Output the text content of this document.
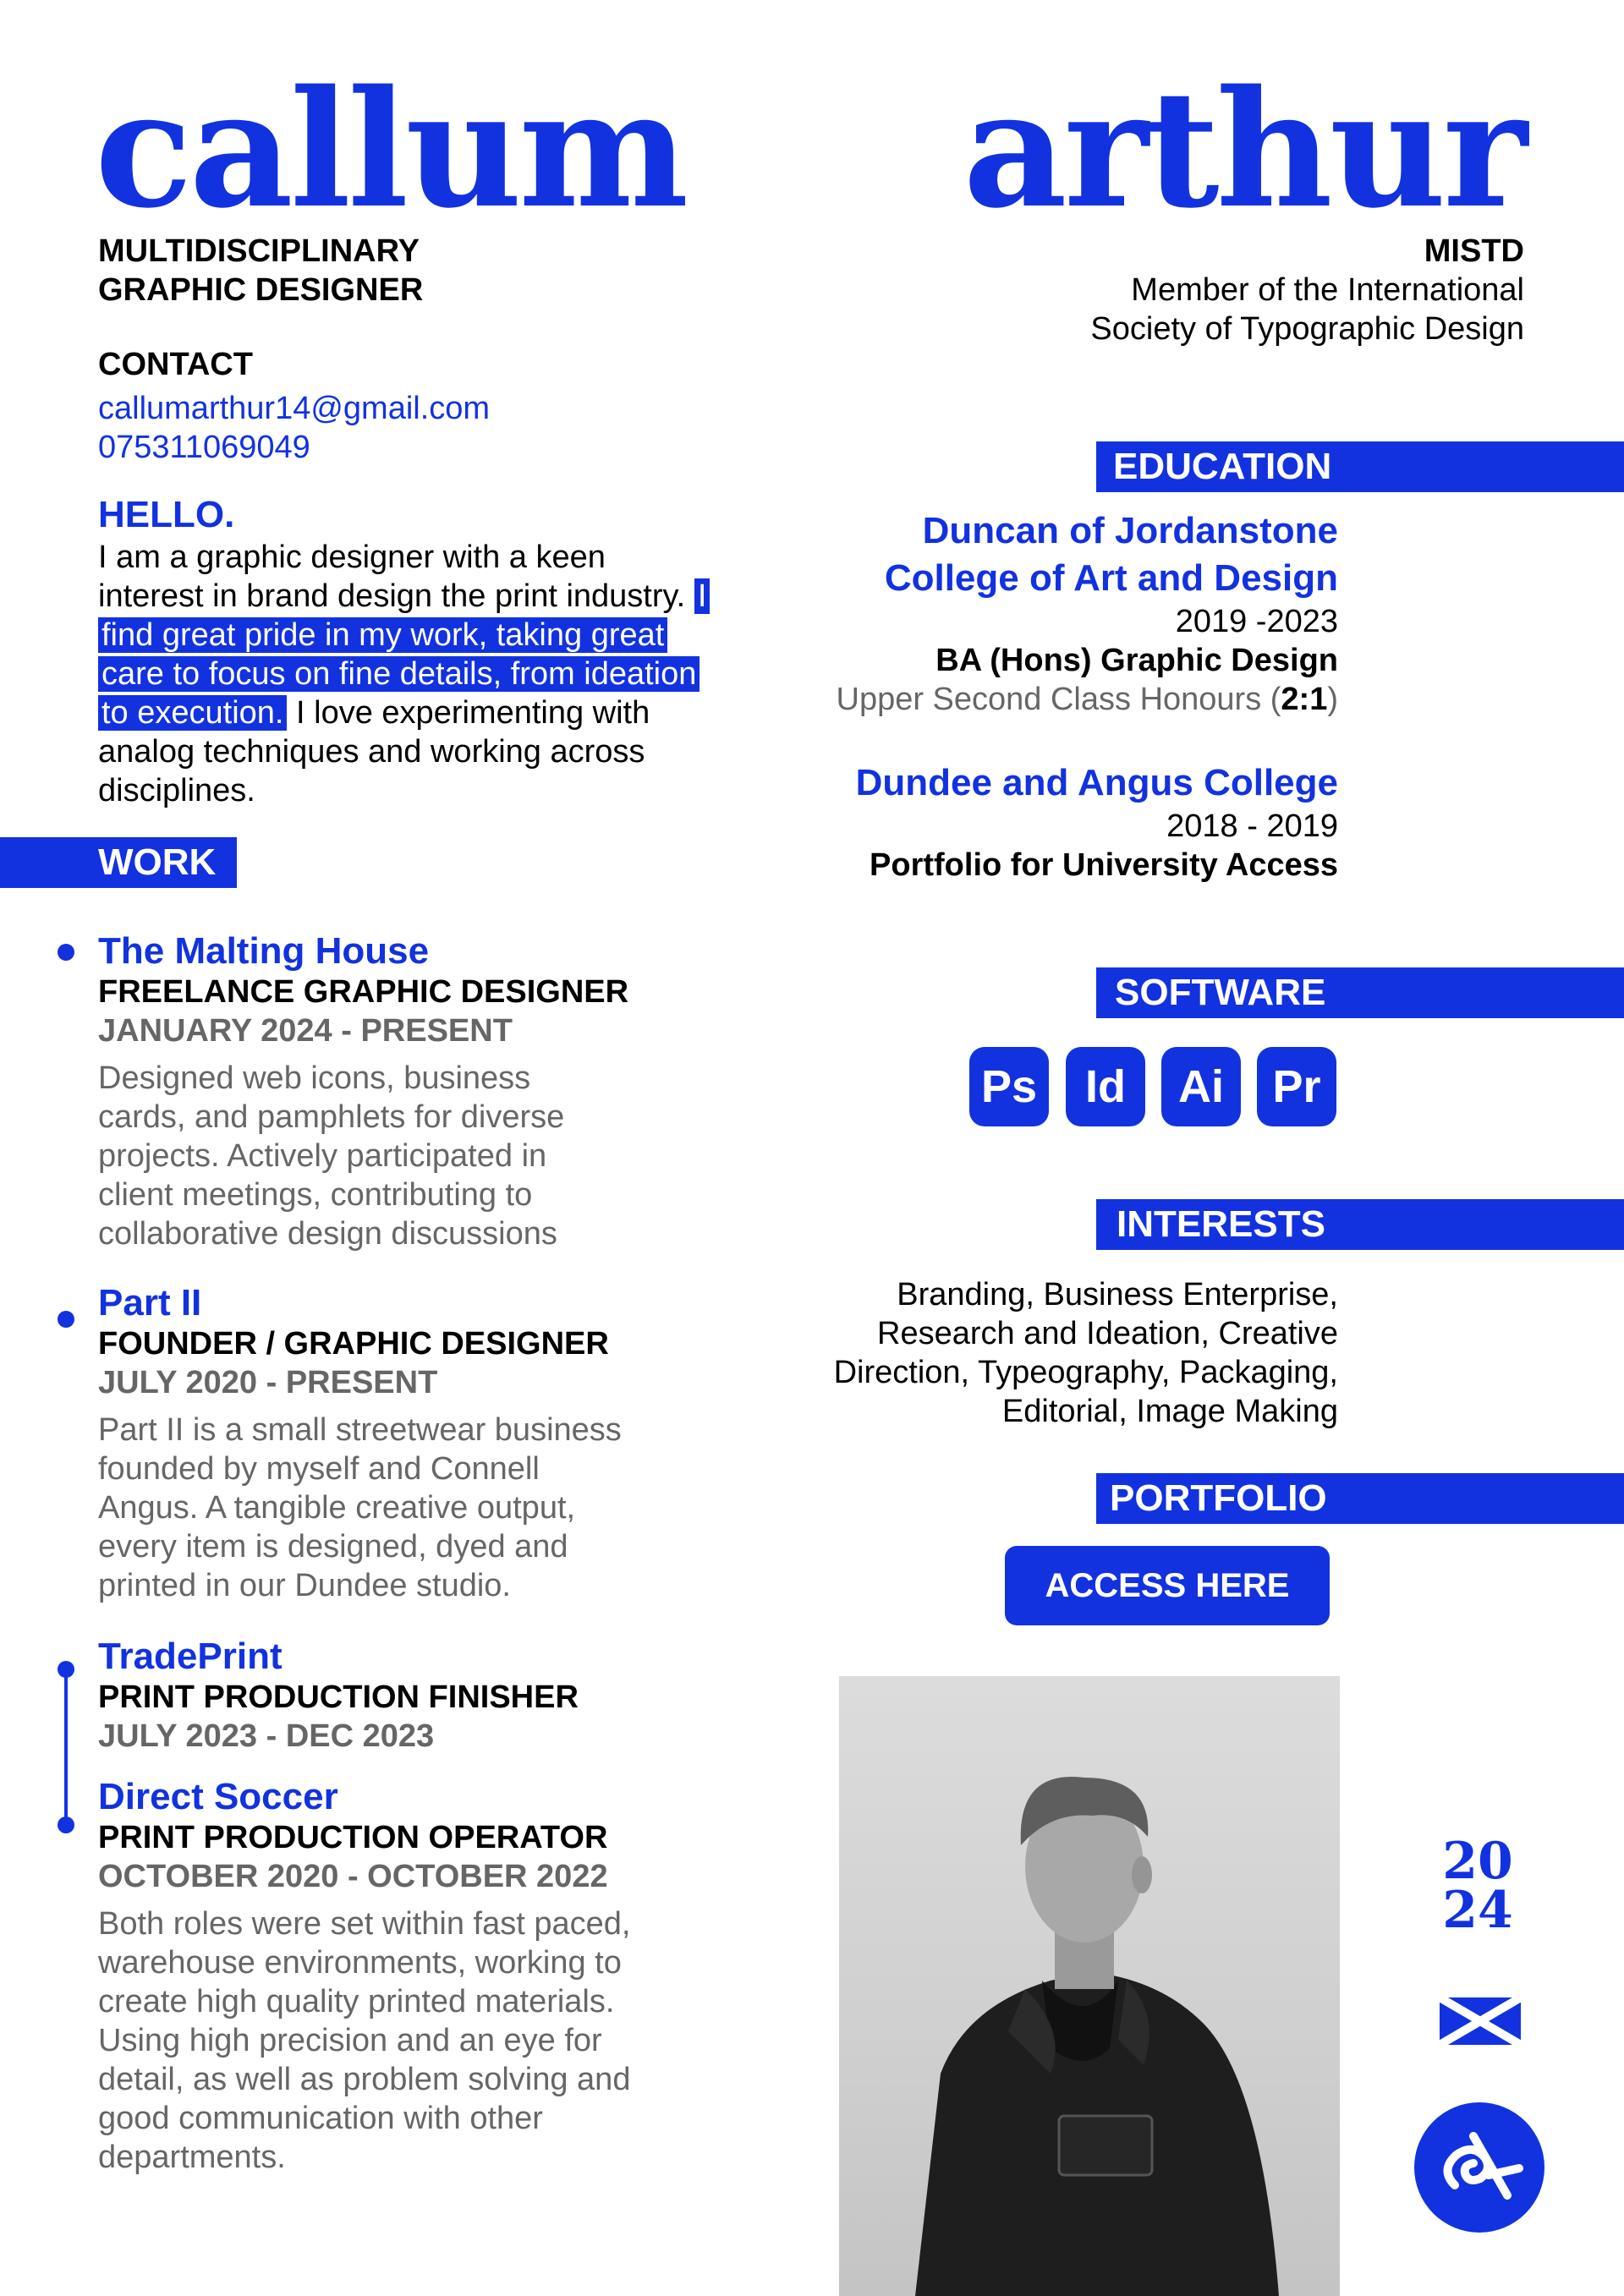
callum arthur
MULTIDISCIPLINARY
GRAPHIC DESIGNER
CONTACT
callumarthur14@gmail.com
075311069049
HELLO.
I am a graphic designer with a keen interest in brand design the print industry. I find great pride in my work, taking great care to focus on fine details, from ideation to execution. I love experimenting with analog techniques and working across disciplines.
WORK
The Malting House
FREELANCE GRAPHIC DESIGNER
JANUARY 2024 - PRESENT
Designed web icons, business cards, and pamphlets for diverse projects. Actively participated in client meetings, contributing to collaborative design discussions
Part II
FOUNDER / GRAPHIC DESIGNER
JULY 2020 - PRESENT
Part II is a small streetwear business founded by myself and Connell Angus. A tangible creative output, every item is designed, dyed and printed in our Dundee studio.
TradePrint
PRINT PRODUCTION FINISHER
JULY 2023 - DEC 2023
Direct Soccer
PRINT PRODUCTION OPERATOR
OCTOBER 2020 - OCTOBER 2022
Both roles were set within fast paced, warehouse environments, working to create high quality printed materials. Using high precision and an eye for detail, as well as problem solving and good communication with other departments.
MISTD
Member of the International
Society of Typographic Design
EDUCATION
Duncan of Jordanstone
College of Art and Design
2019 -2023
BA (Hons) Graphic Design
Upper Second Class Honours (2:1)
Dundee and Angus College
2018 - 2019
Portfolio for University Access
SOFTWARE
Ps	Id	Ai	Pr
INTERESTS
Branding, Business Enterprise,
Research and Ideation, Creative
Direction, Typeography, Packaging,
Editorial, Image Making
PORTFOLIO
ACCESS HERE
20
24
